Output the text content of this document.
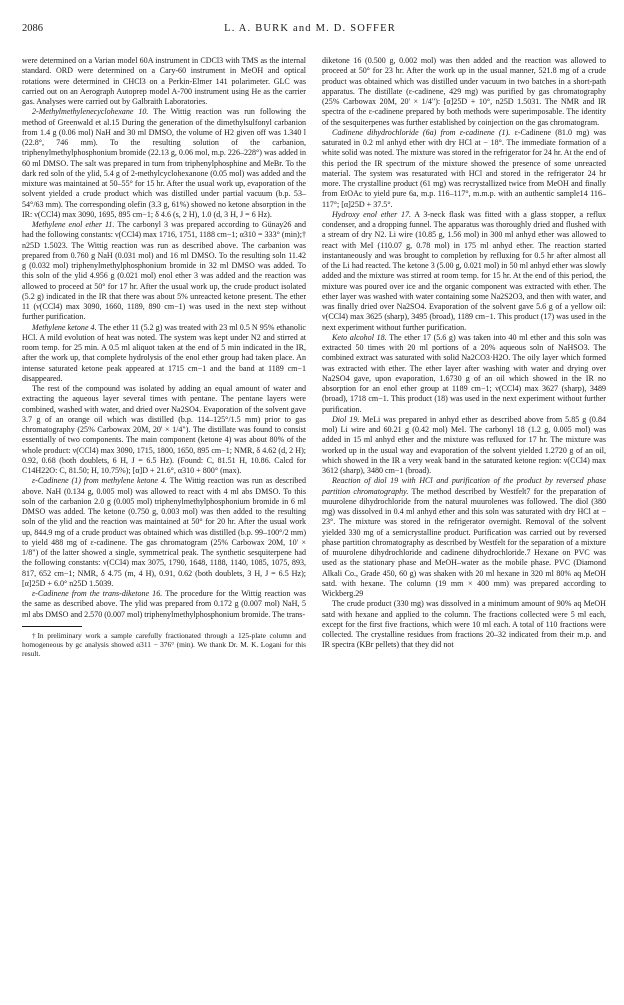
2086	L. A. BURK and M. D. SOFFER

were determined on a Varian model 60A instrument in CDCl3 with TMS as the internal standard. ORD were determined on a Cary-60 instrument in MeOH and optical rotations were determined in CHCl3 on a Perkin-Elmer 141 polarimeter. GLC was carried out on an Aerograph Autoprep model A-700 instrument using He as the carrier gas. Analyses were carried out by Galbraith Laboratories.

2-Methylmethylenecyclohexane 10. The Wittig reaction was run following the method of Greenwald et al.15 During the generation of the dimethylsulfonyl carbanion from 1.4 g (0.06 mol) NaH and 30 ml DMSO, the volume of H2 given off was 1.340 l (22.8°, 746 mm). To the resulting solution of the carbanion, triphenylmethylphosphonium bromide (22.13 g, 0.06 mol, m.p. 226–228°) was added in 60 ml DMSO. The salt was prepared in turn from triphenylphosphine and MeBr. To the dark red soln of the ylid, 5.4 g of 2-methylcyclohexanone (0.05 mol) was added and the mixture was maintained at 50–55° for 15 hr. After the usual work up, evaporation of the solvent yielded a crude product which was distilled under partial vacuum (b.p. 53–54°/63 mm). The corresponding olefin (3.3 g, 61%) showed no ketone absorption in the IR: ν(CCl4) max 3090, 1695, 895 cm−1; δ 4.6 (s, 2 H), 1.0 (d, 3 H, J = 6 Hz).

Methylene enol ether 11. The carbonyl 3 was prepared according to Günay26 and had the following constants: ν(CCl4) max 1716, 1751, 1188 cm−1; α310 = 333° (min);† n25D 1.5023. The Wittig reaction was run as described above. The carbanion was prepared from 0.760 g NaH (0.031 mol) and 16 ml DMSO. To the resulting soln 11.42 g (0.032 mol) triphenylmethylphosphonium bromide in 32 ml DMSO was added. To this soln of the ylid 4.956 g (0.021 mol) enol ether 3 was added and the reaction was allowed to proceed at 50° for 17 hr. After the usual work up, the crude product isolated (5.2 g) indicated in the IR that there was about 5% unreacted ketone present. The ether 11 (ν(CCl4) max 3090, 1660, 1189, 890 cm−1) was used in the next step without further purification.

Methylene ketone 4. The ether 11 (5.2 g) was treated with 23 ml 0.5 N 95% ethanolic HCl. A mild evolution of heat was noted. The system was kept under N2 and stirred at room temp. for 25 min. A 0.5 ml aliquot taken at the end of 5 min indicated in the IR, after the work up, that complete hydrolysis of the enol ether group had taken place. An intense saturated ketone peak appeared at 1715 cm−1 and the band at 1189 cm−1 disappeared.

The rest of the compound was isolated by adding an equal amount of water and extracting the aqueous layer several times with pentane. The pentane layers were combined, washed with water, and dried over Na2SO4. Evaporation of the solvent gave 3.7 g of an orange oil which was distilled (b.p. 114–125°/1.5 mm) prior to gas chromatography (25% Carbowax 20M, 20' × 1/4"). The distillate was found to consist essentially of two components. The main component (ketone 4) was about 80% of the whole product: ν(CCl4) max 3090, 1715, 1800, 1650, 895 cm−1; NMR, δ 4.62 (d, 2 H); 0.92, 0.68 (both doublets, 6 H, J = 6.5 Hz). (Found: C, 81.51 H, 10.86. Calcd for C14H22O: C, 81.50; H, 10.75%); [α]D + 21.6°, α310 + 800° (max).

ε-Cadinene (1) from methylene ketone 4. The Wittig reaction was run as described above. NaH (0.134 g, 0.005 mol) was allowed to react with 4 ml abs DMSO. To this soln of the carbanion 2.0 g (0.005 mol) triphenylmethylphosphonium bromide in 6 ml DMSO was added. The ketone (0.750 g, 0.003 mol) was then added to the resulting soln of the ylid and the reaction was maintained at 50° for 20 hr. After the usual work up, 844.9 mg of a crude product was obtained which was distilled (b.p. 99–100°/2 mm) to yield 488 mg of ε-cadinene. The gas chromatogram (25% Carbowax 20M, 10' × 1/8") of the latter showed a single, symmetrical peak. The synthetic sesquiterpene had the following constants: ν(CCl4) max 3075, 1790, 1648, 1188, 1140, 1085, 1075, 893, 817, 652 cm−1; NMR, δ 4.75 (m, 4 H), 0.91, 0.62 (both doublets, 3 H, J = 6.5 Hz); [α]25D + 6.0° n25D 1.5039.

ε-Cadinene from the trans-diketone 16. The procedure for the Wittig reaction was the same as described above. The ylid was prepared from 0.172 g (0.007 mol) NaH, 5 ml abs DMSO and 2.570 (0.007 mol) triphenylmethylphosphonium bromide. The trans-

†In preliminary work a sample carefully fractionated through a 125-plate column and homogeneous by gc analysis showed α311 − 376° (min). We thank Dr. M. K. Logani for this result.

diketone 16 (0.500 g, 0.002 mol) was then added and the reaction was allowed to proceed at 50° for 23 hr. After the work up in the usual manner, 521.8 mg of a crude product was obtained which was distilled under vacuum in two batches in a short-path apparatus. The distillate (ε-cadinene, 429 mg) was purified by gas chromatography (25% Carbowax 20M, 20' × 1/4"): [α]25D + 10°, n25D 1.5031. The NMR and IR spectra of the ε-cadinene prepared by both methods were superimposable. The identity of the sesquiterpenes was further established by coinjection on the gas chromatogram.

Cadinene dihydrochloride (6a) from ε-cadinene (1). ε-Cadinene (81.0 mg) was saturated in 0.2 ml anhyd ether with dry HCl at − 18°. The immediate formation of a white solid was noted. The mixture was stored in the refrigerator for 24 hr. At the end of this period the IR spectrum of the mixture showed the presence of some unreacted material. The system was resaturated with HCl and stored in the refrigerator 24 hr more. The crystalline product (61 mg) was recrystallized twice from MeOH and finally from EtOAc to yield pure 6a, m.p. 116–117°, m.m.p. with an authentic sample14 116–117°; [α]25D + 37.5°.

Hydroxy enol ether 17. A 3-neck flask was fitted with a glass stopper, a reflux condenser, and a dropping funnel. The apparatus was thoroughly dried and flushed with a stream of dry N2. Li wire (10.85 g, 1.56 mol) in 300 ml anhyd ether was allowed to react with MeI (110.07 g, 0.78 mol) in 175 ml anhyd ether. The reaction started instantaneously and was brought to completion by refluxing for 0.5 hr after almost all of the Li had reacted. The ketone 3 (5.00 g, 0.021 mol) in 50 ml anhyd ether was slowly added and the mixture was stirred at room temp. for 15 hr. At the end of this period, the mixture was poured over ice and the organic component was extracted with ether. The ether layer was washed with water containing some Na2S2O3, and then with water, and was finally dried over Na2SO4. Evaporation of the solvent gave 5.6 g of a yellow oil: ν(CCl4) max 3625 (sharp), 3495 (broad), 1189 cm−1. This product (17) was used in the next experiment without further purification.

Keto alcohol 18. The ether 17 (5.6 g) was taken into 40 ml ether and this soln was extracted 50 times with 20 ml portions of a 20% aqueous soln of NaHSO3. The combined extract was saturated with solid Na2CO3·H2O. The oily layer which formed was extracted with ether. The ether layer after washing with water and drying over Na2SO4 gave, upon evaporation, 1.6730 g of an oil which showed in the IR no absorption for an enol ether group at 1189 cm−1; ν(CCl4) max 3627 (sharp), 3489 (broad), 1718 cm−1. This product (18) was used in the next experiment without further purification.

Diol 19. MeLi was prepared in anhyd ether as described above from 5.85 g (0.84 mol) Li wire and 60.21 g (0.42 mol) MeI. The carbonyl 18 (1.2 g, 0.005 mol) was added in 15 ml anhyd ether and the mixture was refluxed for 17 hr. The mixture was worked up in the usual way and evaporation of the solvent yielded 1.2720 g of an oil, which showed in the IR a very weak band in the saturated ketone region: ν(CCl4) max 3612 (sharp), 3480 cm−1 (broad).

Reaction of diol 19 with HCl and purification of the product by reversed phase partition chromatography. The method described by Westfelt7 for the preparation of muurolene dihydrochloride from the natural muurolenes was followed. The diol (380 mg) was dissolved in 0.4 ml anhyd ether and this soln was saturated with dry HCl at − 23°. The mixture was stored in the refrigerator overnight. Removal of the solvent yielded 330 mg of a semicrystalline product. Purification was carried out by reversed phase partition chromatography as described by Westfelt for the separation of a mixture of muurolene dihydrochloride and cadinene dihydrochloride.7 Hexane on PVC was used as the stationary phase and MeOH–water as the mobile phase. PVC (Diamond Alkali Co., Grade 450, 60 g) was shaken with 20 ml hexane in 320 ml 80% aq MeOH satd. with hexane. The column (19 mm × 400 mm) was prepared according to Wickberg.29

The crude product (330 mg) was dissolved in a minimum amount of 90% aq MeOH satd with hexane and applied to the column. The fractions collected were 5 ml each, except for the first five fractions, which were 10 ml each. A total of 110 fractions were collected. The crystalline residues from fractions 20–32 indicated from their m.p. and IR spectra (KBr pellets) that they did not
